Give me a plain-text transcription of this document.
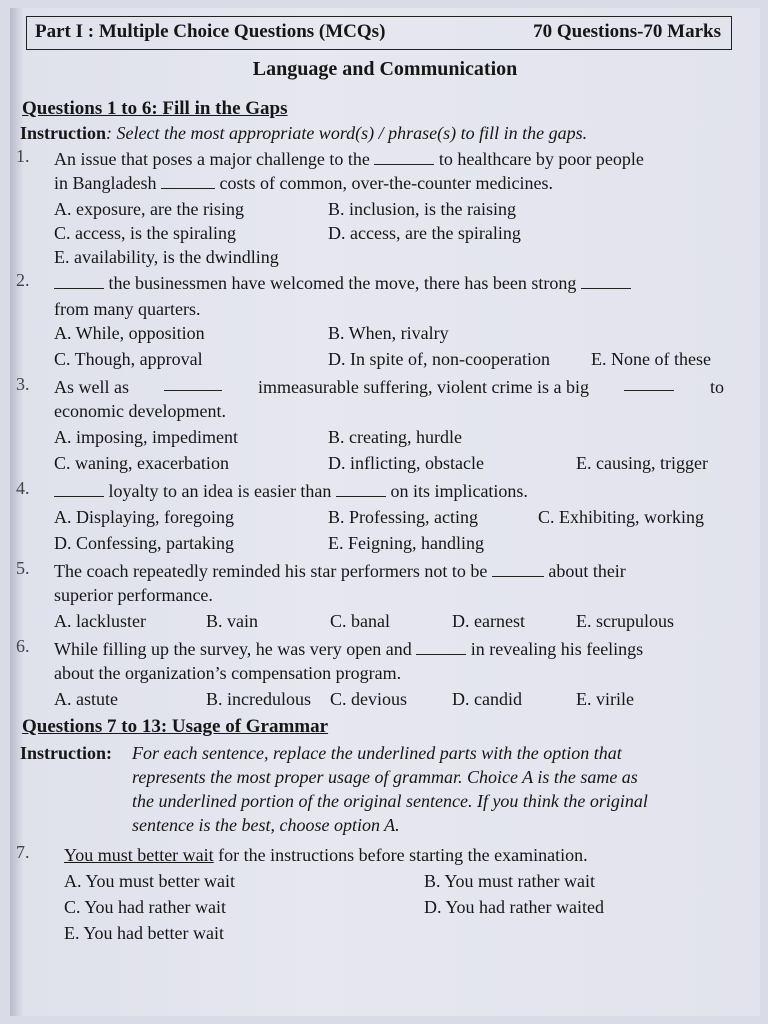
Part I : Multiple Choice Questions (MCQs)	70 Questions-70 Marks
Language and Communication
Questions 1 to 6: Fill in the Gaps
Instruction: Select the most appropriate word(s) / phrase(s) to fill in the gaps.
1. An issue that poses a major challenge to the	to healthcare by poor people
in Bangladesh	costs of common, over-the-counter medicines.
A. exposure, are the rising	B. inclusion, is the raising
C. access, is the spiraling	D. access, are the spiraling
E. availability, is the dwindling
2.	the businessmen have welcomed the move, there has been strong
from many quarters.
A. While, opposition	B. When, rivalry
C. Though, approval	D. In spite of, non-cooperation E. None of these
3. As well as	immeasurable suffering, violent crime is a big	to
economic development.
A. imposing, impediment	B. creating, hurdle
C. waning, exacerbation	D. inflicting, obstacle	E. causing, trigger
4.	loyalty to an idea is easier than	on its implications.
A. Displaying, foregoing	B. Professing, acting	C. Exhibiting, working
D. Confessing, partaking	E. Feigning, handling
5. The coach repeatedly reminded his star performers not to be	about their
superior performance.
A. lackluster	B. vain	C. banal	D. earnest	E. scrupulous
6. While filling up the survey, he was very open and	in revealing his feelings
about the organization’s compensation program.
A. astute	B. incredulous C. devious D. candid	E. virile
Questions 7 to 13: Usage of Grammar
Instruction: For each sentence, replace the underlined parts with the option that
represents the most proper usage of grammar. Choice A is the same as
the underlined portion of the original sentence. If you think the original
sentence is the best, choose option A.
7. You must better wait for the instructions before starting the examination.
A. You must better wait	B. You must rather wait
C. You had rather wait	D. You had rather waited
E. You had better wait
